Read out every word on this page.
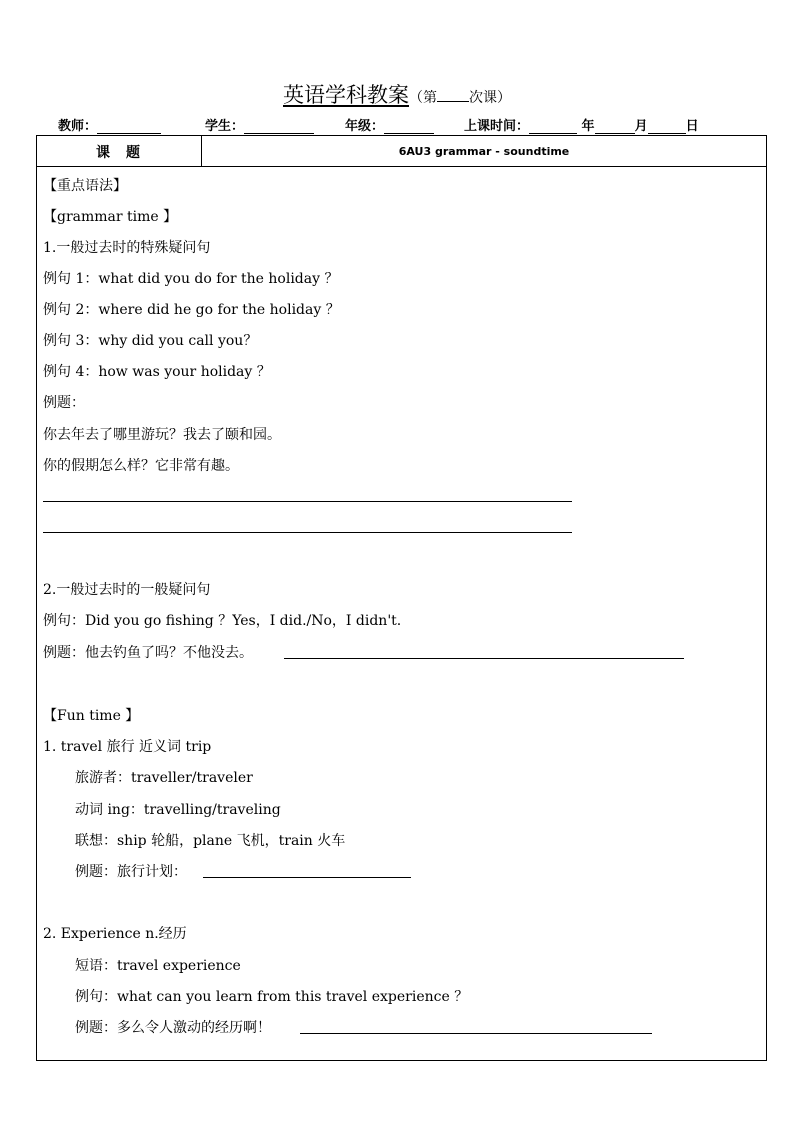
英语学科教案（第 次课）
教师：	学生：	年级：	上课时间：	年	月	日
课　题	6AU3 grammar - soundtime
【重点语法】
【grammar time 】
1.一般过去时的特殊疑问句
例句 1：what did you do for the holiday ？
例句 2：where did he go for the holiday ？
例句 3：why did you call you？
例句 4：how was your holiday ？
例题：
你去年去了哪里游玩？我去了颐和园。
你的假期怎么样？它非常有趣。
2.一般过去时的一般疑问句
例句：Did you go fishing ？Yes，I did./No，I didn't.
例题：他去钓鱼了吗？不他没去。
【Fun time 】
1. travel 旅行 近义词 trip
旅游者：traveller/traveler
动词 ing：travelling/traveling
联想：ship 轮船，plane 飞机，train 火车
例题：旅行计划：
2. Experience n.经历
短语：travel experience
例句：what can you learn from this travel experience ？
例题：多么令人激动的经历啊！
